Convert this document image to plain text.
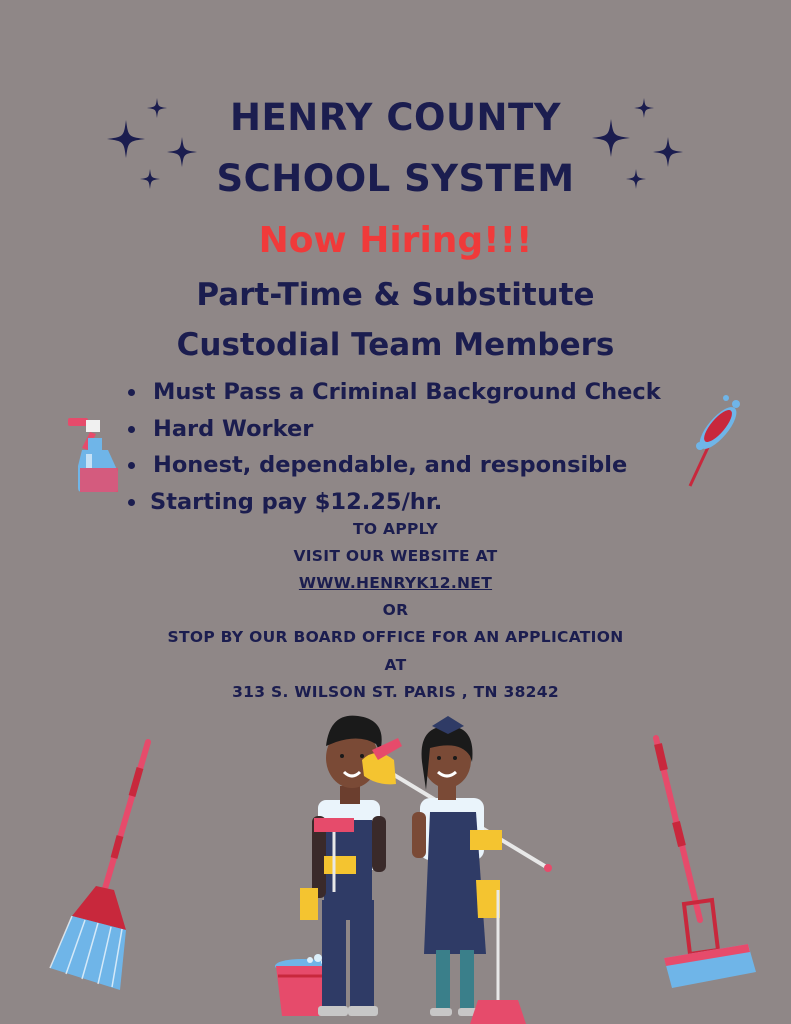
HENRY COUNTY
SCHOOL SYSTEM
Now Hiring!!!
Part-Time & Substitute
Custodial Team Members
Must Pass a Criminal Background Check
Hard Worker
Honest, dependable, and responsible
Starting pay $12.25/hr.
TO APPLY
VISIT OUR WEBSITE AT
WWW.HENRYK12.NET
OR
STOP BY OUR BOARD OFFICE FOR AN APPLICATION
AT
313 S. WILSON ST. PARIS , TN 38242
